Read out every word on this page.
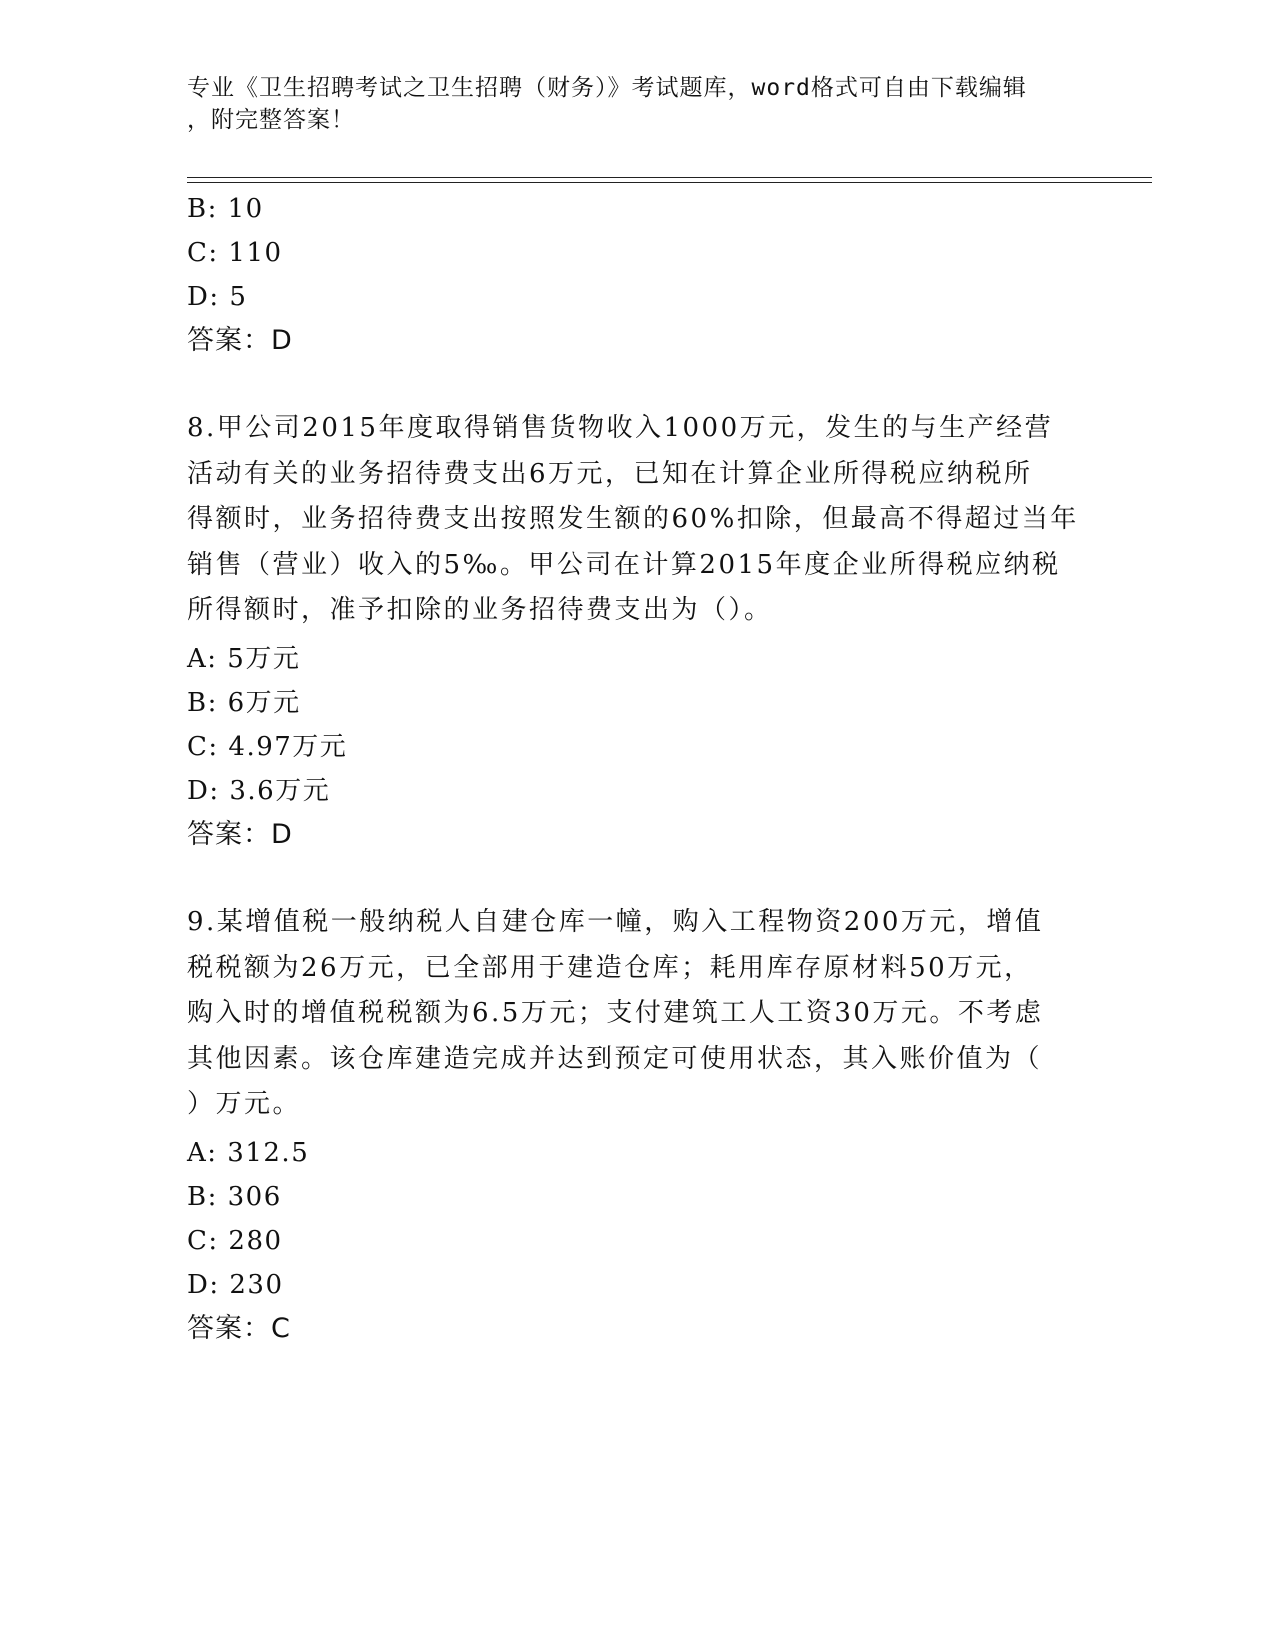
专业《卫生招聘考试之卫生招聘（财务）》考试题库，word格式可自由下载编辑
，附完整答案！
B: 10
C: 110
D: 5
答案：D
8.甲公司2015年度取得销售货物收入1000万元，发生的与生产经营
活动有关的业务招待费支出6万元，已知在计算企业所得税应纳税所
得额时，业务招待费支出按照发生额的60%扣除，但最高不得超过当年
销售（营业）收入的5‰。甲公司在计算2015年度企业所得税应纳税
所得额时，准予扣除的业务招待费支出为（）。
A: 5万元
B: 6万元
C: 4.97万元
D: 3.6万元
答案：D
9.某增值税一般纳税人自建仓库一幢，购入工程物资200万元，增值
税税额为26万元，已全部用于建造仓库；耗用库存原材料50万元，
购入时的增值税税额为6.5万元；支付建筑工人工资30万元。不考虑
其他因素。该仓库建造完成并达到预定可使用状态，其入账价值为（
）万元。
A: 312.5
B: 306
C: 280
D: 230
答案：C
